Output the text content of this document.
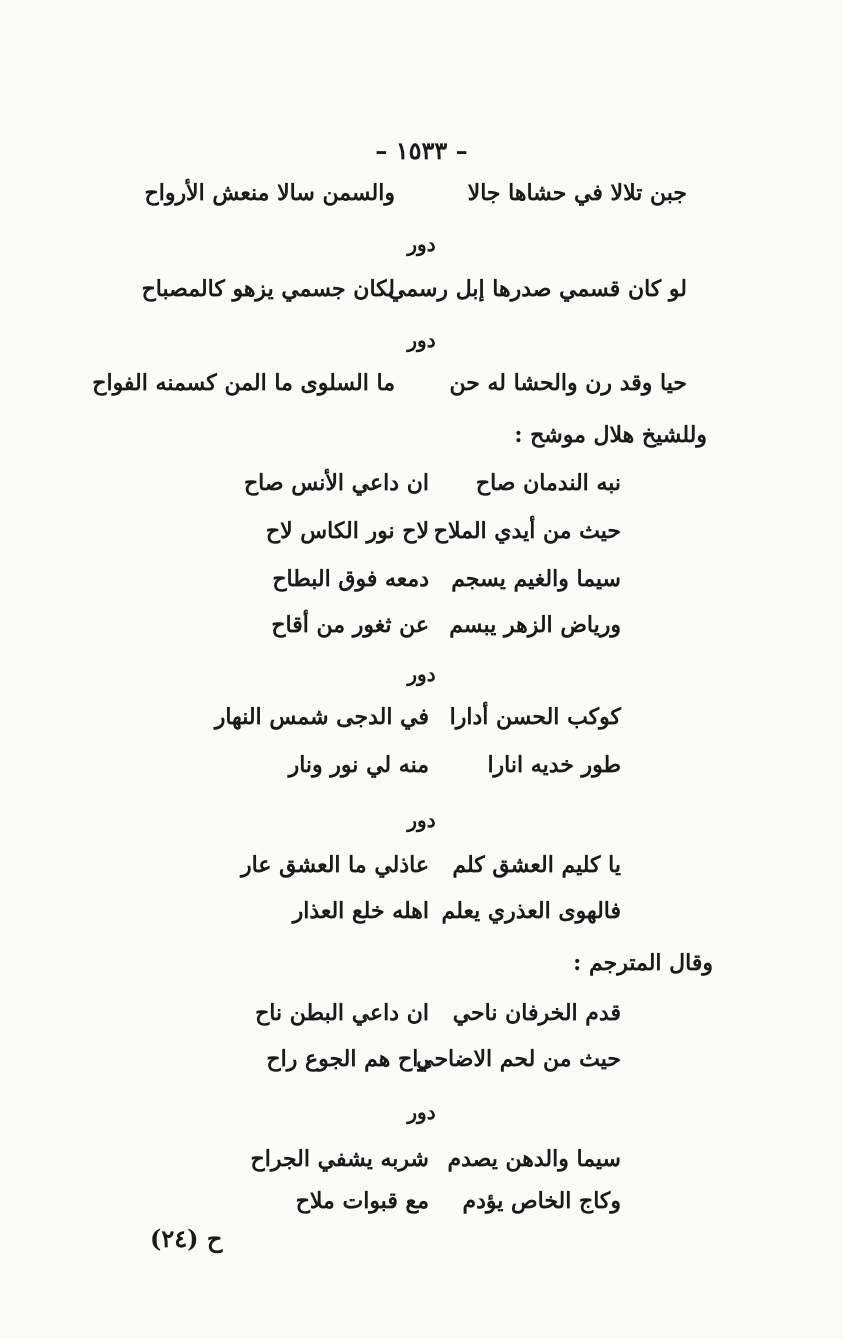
– ١٥٣٣ –
جبن تلالا في حشاها جالا
والسمن سالا منعش الأرواح
دور
لو كان قسمي صدرها إبل رسمي
لكان جسمي يزهو كالمصباح
دور
حيا وقد رن والحشا له حن
ما السلوى ما المن كسمنه الفواح
وللشيخ هلال موشح :
نبه الندمان صاح
ان داعي الأنس صاح
حيث من أيدي الملاح
لاح نور الكاس لاح
سيما والغيم يسجم
دمعه فوق البطاح
ورياض الزهر يبسم
عن ثغور من أقاح
دور
كوكب الحسن أدارا
في الدجى شمس النهار
طور خديه انارا
منه لي نور ونار
دور
يا كليم العشق كلم
عاذلي ما العشق عار
فالهوى العذري يعلم
اهله خلع العذار
وقال المترجم :
قدم الخرفان ناحي
ان داعي البطن ناح
حيث من لحم الاضاحي
راح هم الجوع راح
دور
سيما والدهن يصدم
شربه يشفي الجراح
وكاج الخاص يؤدم
مع قبوات ملاح
ح (٢٤)
